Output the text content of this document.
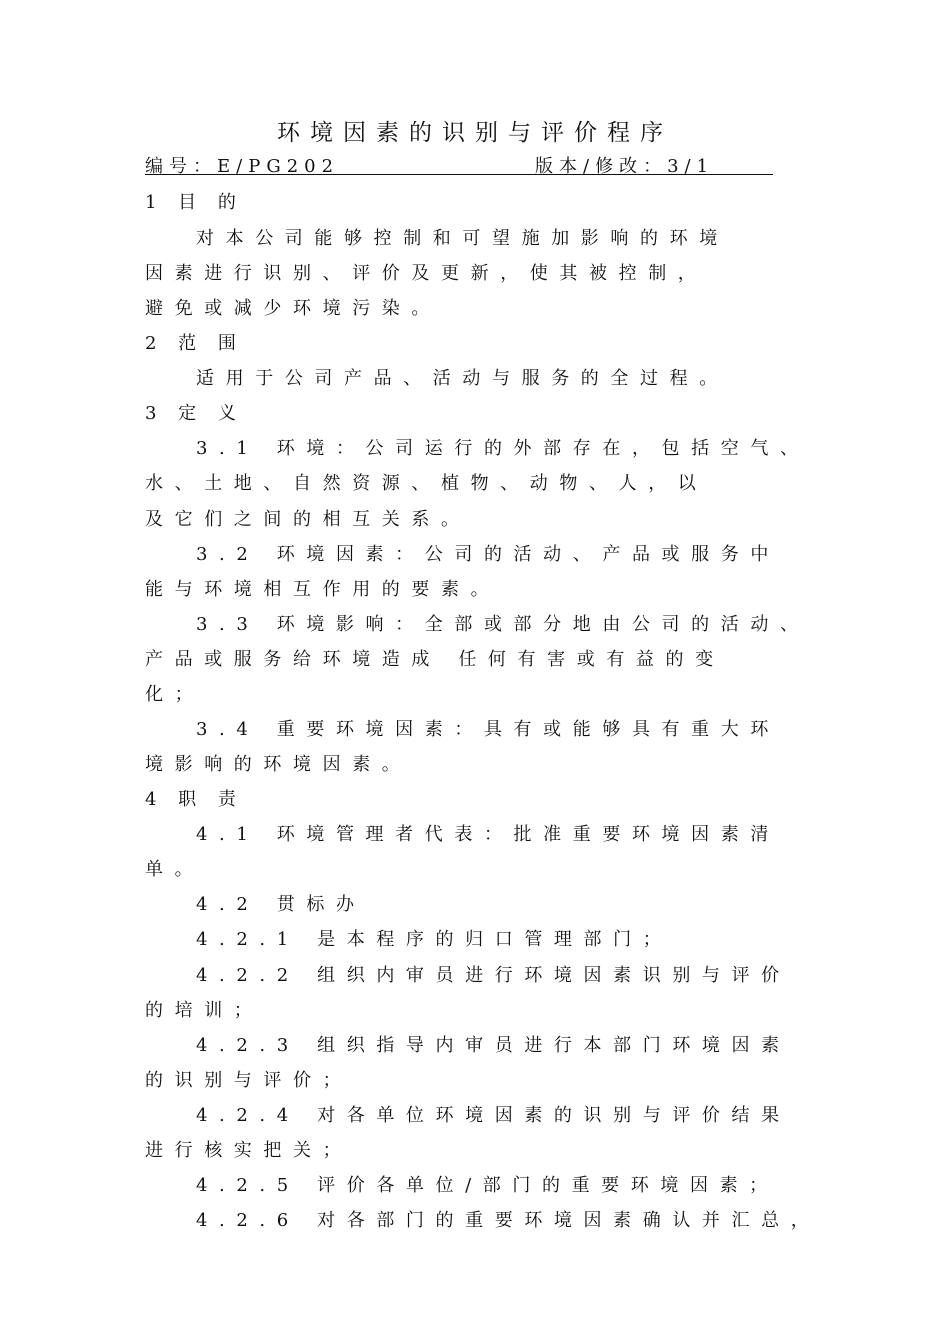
环境因素的识别与评价程序
编号：E/PG202	版本/修改：3/1
1 目 的
对本公司能够控制和可望施加影响的环境
因素进行识别、评价及更新，使其被控制，
避免或减少环境污染。
2 范 围
适用于公司产品、活动与服务的全过程。
3 定 义
3.1 环境：公司运行的外部存在，包括空气、
水、土地、自然资源、植物、动物、人，以
及它们之间的相互关系。
3.2 环境因素：公司的活动、产品或服务中
能与环境相互作用的要素。
3.3 环境影响：全部或部分地由公司的活动、
产品或服务给环境造成 任何有害或有益的变
化；
3.4 重要环境因素：具有或能够具有重大环
境影响的环境因素。
4 职 责
4.1 环境管理者代表：批准重要环境因素清
单。
4.2 贯标办
4.2.1 是本程序的归口管理部门；
4.2.2 组织内审员进行环境因素识别与评价
的培训；
4.2.3 组织指导内审员进行本部门环境因素
的识别与评价；
4.2.4 对各单位环境因素的识别与评价结果
进行核实把关；
4.2.5 评价各单位/部门的重要环境因素；
4.2.6 对各部门的重要环境因素确认并汇总，
